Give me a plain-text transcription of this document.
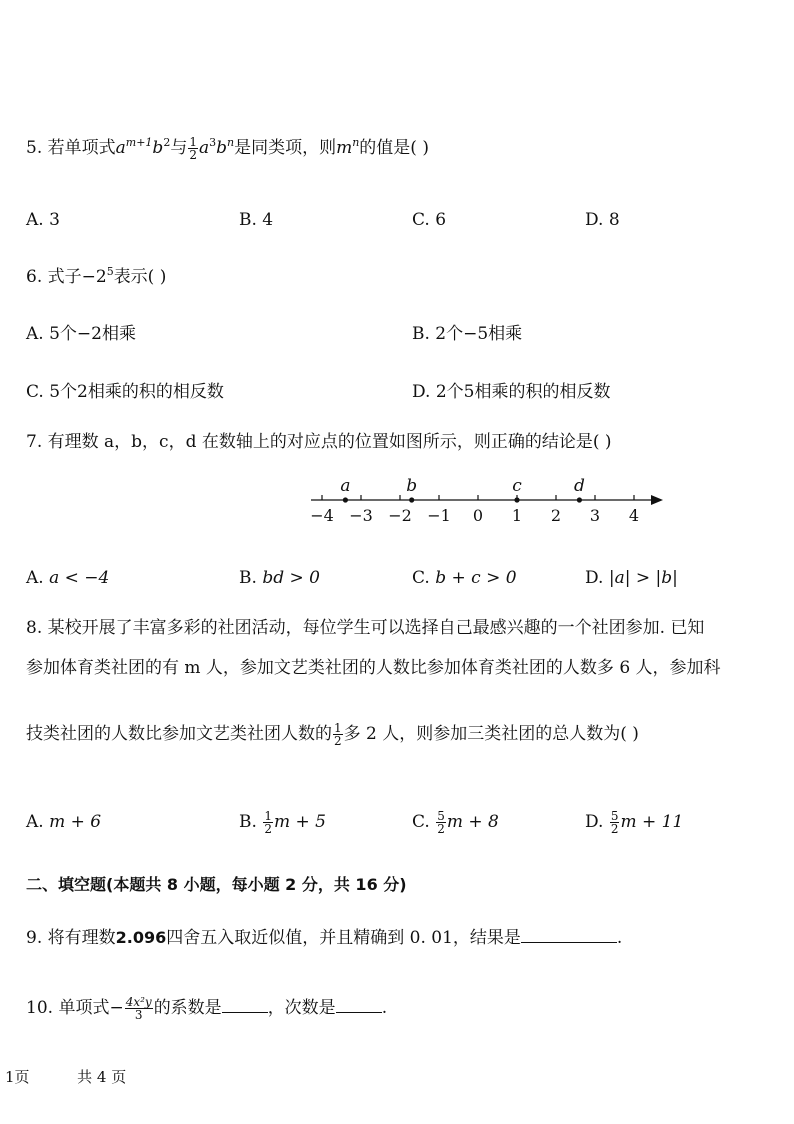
5. 若单项式$a^{m+1}b^2$与 $\frac{1}{2} a^3b^n$是同类项，则$m^n$的值是( )
A. 3	B. 4	C. 6	D. 8
6. 式子$-2^5$表示( )
A. 5个−2相乘	B. 2个−5相乘
C. 5个2相乘的积的相反数	D. 2个5相乘的积的相反数
7. 有理数 a，b，c，d 在数轴上的对应点的位置如图所示，则正确的结论是( )
−4 −3 −2 −1 0 1 2 3 4
a	b	c	d
A. a < −4	B. bd > 0	C. b + c > 0	D. |a| > |b|
8. 某校开展了丰富多彩的社团活动，每位学生可以选择自己最感兴趣的一个社团参加. 已知
参加体育类社团的有 m 人，参加文艺类社团的人数比参加体育类社团的人数多 6 人，参加科
技类社团的人数比参加文艺类社团人数的 $\frac{1}{2}$ 多 2 人，则参加三类社团的总人数为( )
A. m + 6	B. $\frac{1}{2}$ m + 5	C. $\frac{5}{2}$ m + 8	D. $\frac{5}{2}$ m + 11
二、填空题(本题共 8 小题，每小题 2 分，共 16 分)
9. 将有理数2.096四舍五入取近似值，并且精确到 0. 01，结果是	.
10. 单项式− $\frac{\text{4x²y}}{3}$ 的系数是	，次数是	.
1页	共 4 页
